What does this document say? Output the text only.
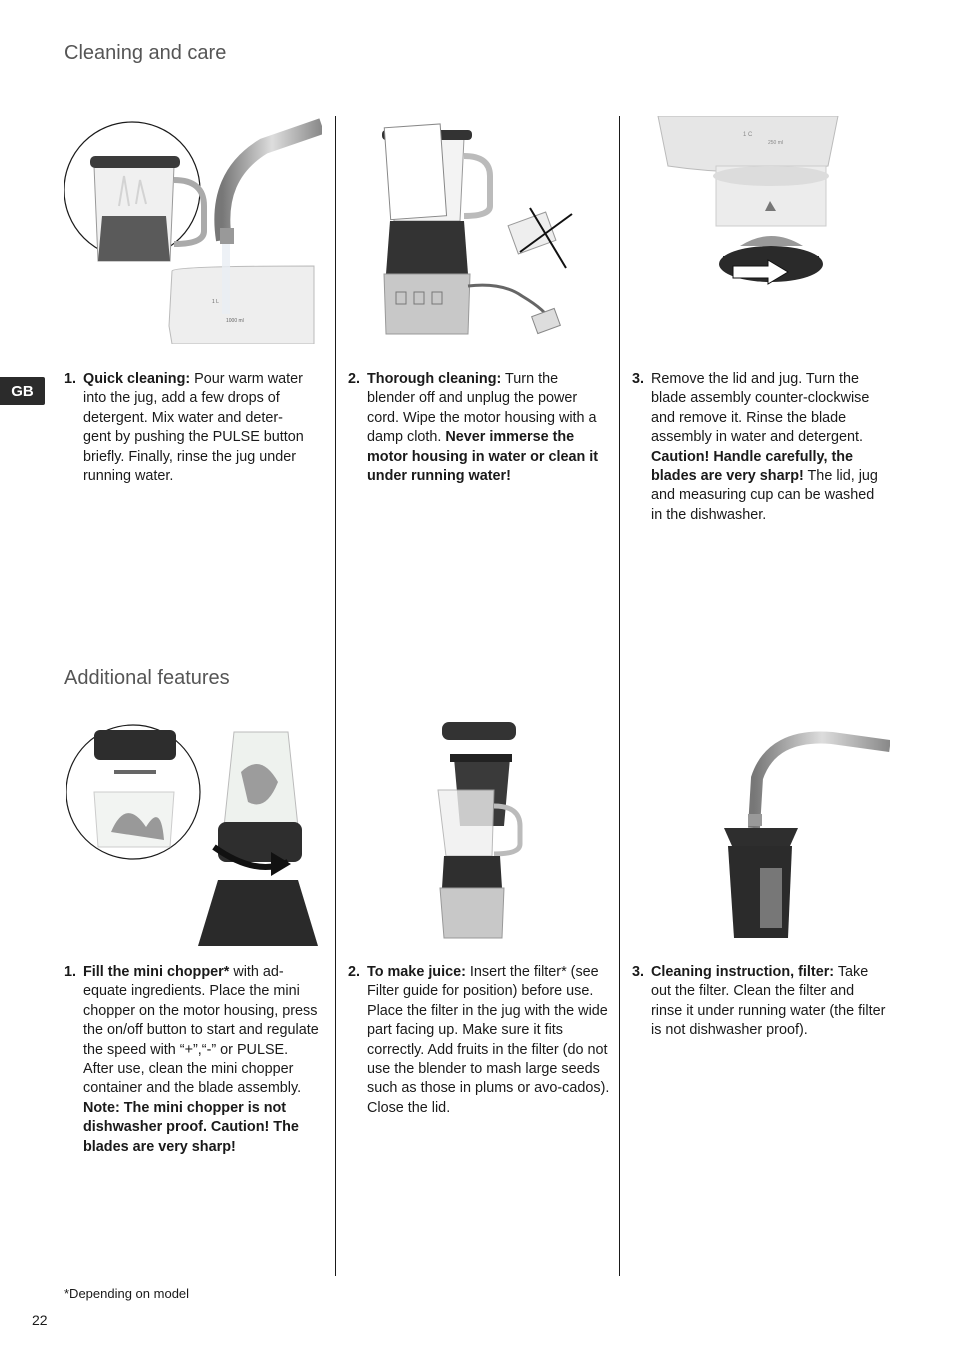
Cleaning and care
Additional features
GB
1 L
1000 ml
1 C
250 ml
1. Quick cleaning: Pour warm water into the jug, add a few drops of detergent. Mix water and deter-gent by pushing the PULSE button briefly. Finally, rinse the jug under running water.
2. Thorough cleaning: Turn the blender off and unplug the power cord. Wipe the motor housing with a damp cloth. Never immerse the motor housing in water or clean it under running water!
3. Remove the lid and jug. Turn the blade assembly counter-clockwise and remove it. Rinse the blade assembly in water and detergent. Caution! Handle carefully, the blades are very sharp! The lid, jug and measuring cup can be washed in the dishwasher.
1. Fill the mini chopper* with ad-equate ingredients. Place the mini chopper on the motor housing, press the on/off button to start and regulate the speed with “+”,“-” or PULSE. After use, clean the mini chopper container and the blade assembly. Note: The mini chopper is not dishwasher proof. Caution! The blades are very sharp!
2. To make juice: Insert the filter* (see Filter guide for position) before use. Place the filter in the jug with the wide part facing up. Make sure it fits correctly. Add fruits in the filter (do not use the blender to mash large seeds such as those in plums or avo-cados). Close the lid.
3. Cleaning instruction, filter: Take out the filter. Clean the filter and rinse it under running water (the filter is not dishwasher proof).
*Depending on model
22
